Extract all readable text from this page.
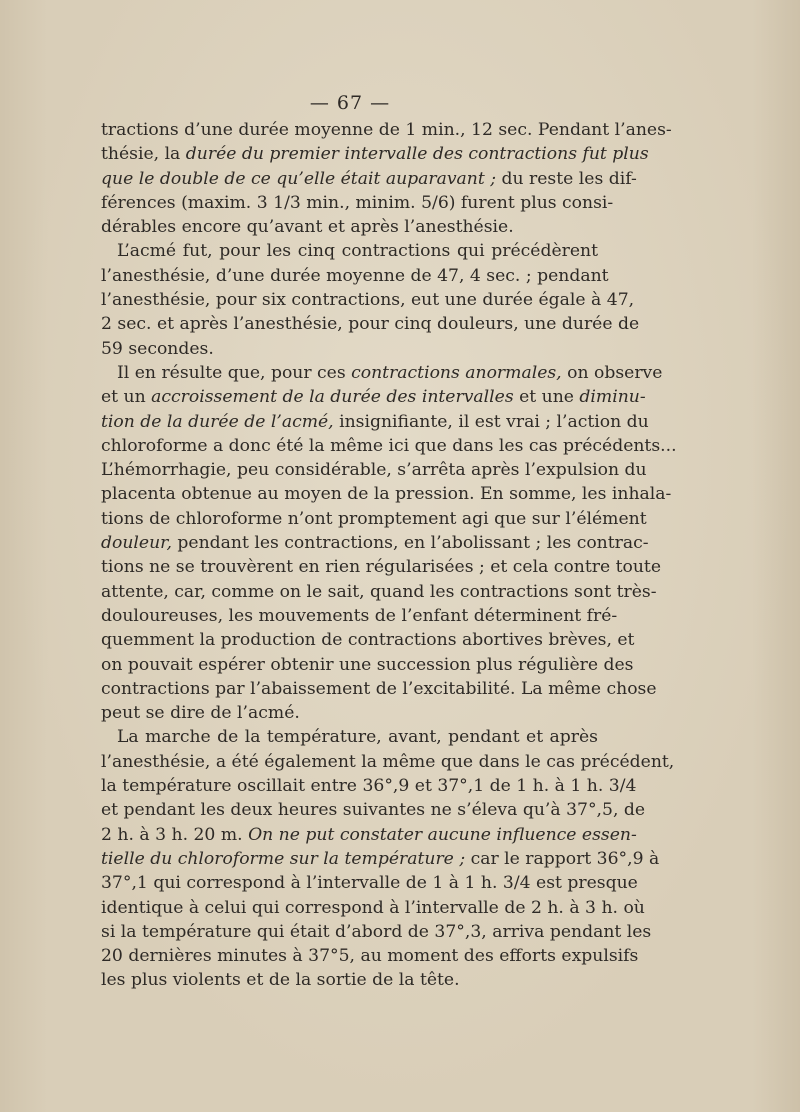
— 67 —
tractions d’une durée moyenne de 1 min., 12 sec. Pendant l’anes-
thésie, la durée du premier intervalle des contractions fut plus
que le double de ce qu’elle était auparavant ; du reste les dif-
férences (maxim. 3 1/3 min., minim. 5/6) furent plus consi-
dérables encore qu’avant et après l’anesthésie.
L’acmé fut, pour les cinq contractions qui précédèrent
l’anesthésie, d’une durée moyenne de 47, 4 sec. ; pendant
l’anesthésie, pour six contractions, eut une durée égale à 47,
2 sec. et après l’anesthésie, pour cinq douleurs, une durée de
59 secondes.
Il en résulte que, pour ces contractions anormales, on observe
et un accroissement de la durée des intervalles et une diminu-
tion de la durée de l’acmé, insignifiante, il est vrai ; l’action du
chloroforme a donc été la même ici que dans les cas précédents...
L’hémorrhagie, peu considérable, s’arrêta après l’expulsion du
placenta obtenue au moyen de la pression. En somme, les inhala-
tions de chloroforme n’ont promptement agi que sur l’élément
douleur, pendant les contractions, en l’abolissant ; les contrac-
tions ne se trouvèrent en rien régularisées ; et cela contre toute
attente, car, comme on le sait, quand les contractions sont très-
douloureuses, les mouvements de l’enfant déterminent fré-
quemment la production de contractions abortives brèves, et
on pouvait espérer obtenir une succession plus régulière des
contractions par l’abaissement de l’excitabilité. La même chose
peut se dire de l’acmé.
La marche de la température, avant, pendant et après
l’anesthésie, a été également la même que dans le cas précédent,
la température oscillait entre 36°,9 et 37°,1 de 1 h. à 1 h. 3/4
et pendant les deux heures suivantes ne s’éleva qu’à 37°,5, de
2 h. à 3 h. 20 m. On ne put constater aucune influence essen-
tielle du chloroforme sur la température ; car le rapport 36°,9 à
37°,1 qui correspond à l’intervalle de 1 à 1 h. 3/4 est presque
identique à celui qui correspond à l’intervalle de 2 h. à 3 h. où
si la température qui était d’abord de 37°,3, arriva pendant les
20 dernières minutes à 37°5, au moment des efforts expulsifs
les plus violents et de la sortie de la tête.
